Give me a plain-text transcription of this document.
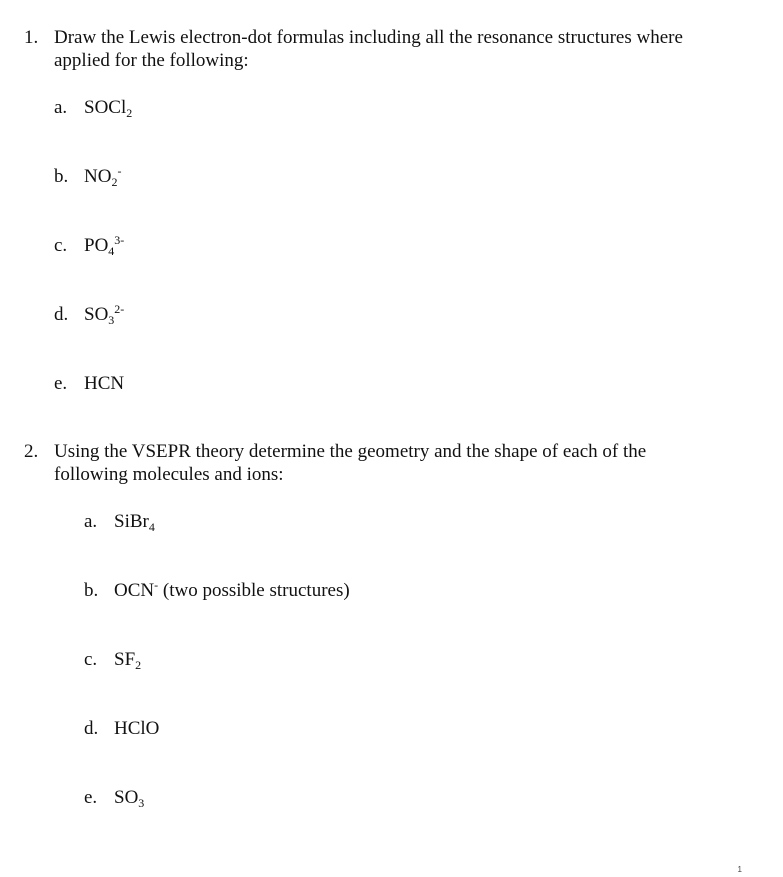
1. Draw the Lewis electron-dot formulas including all the resonance structures where
applied for the following:
a. SOCl$_2$
b. $NO_2^-$
c. $PO_4^{3-}$
d. $SO_3^{2-}$
e. HCN
2. Using the VSEPR theory determine the geometry and the shape of each of the
following molecules and ions:
a. SiBr$_4$
b. OCN- (two possible structures)
c. $SF_2$
d. HClO
e. $SO_3$
1
